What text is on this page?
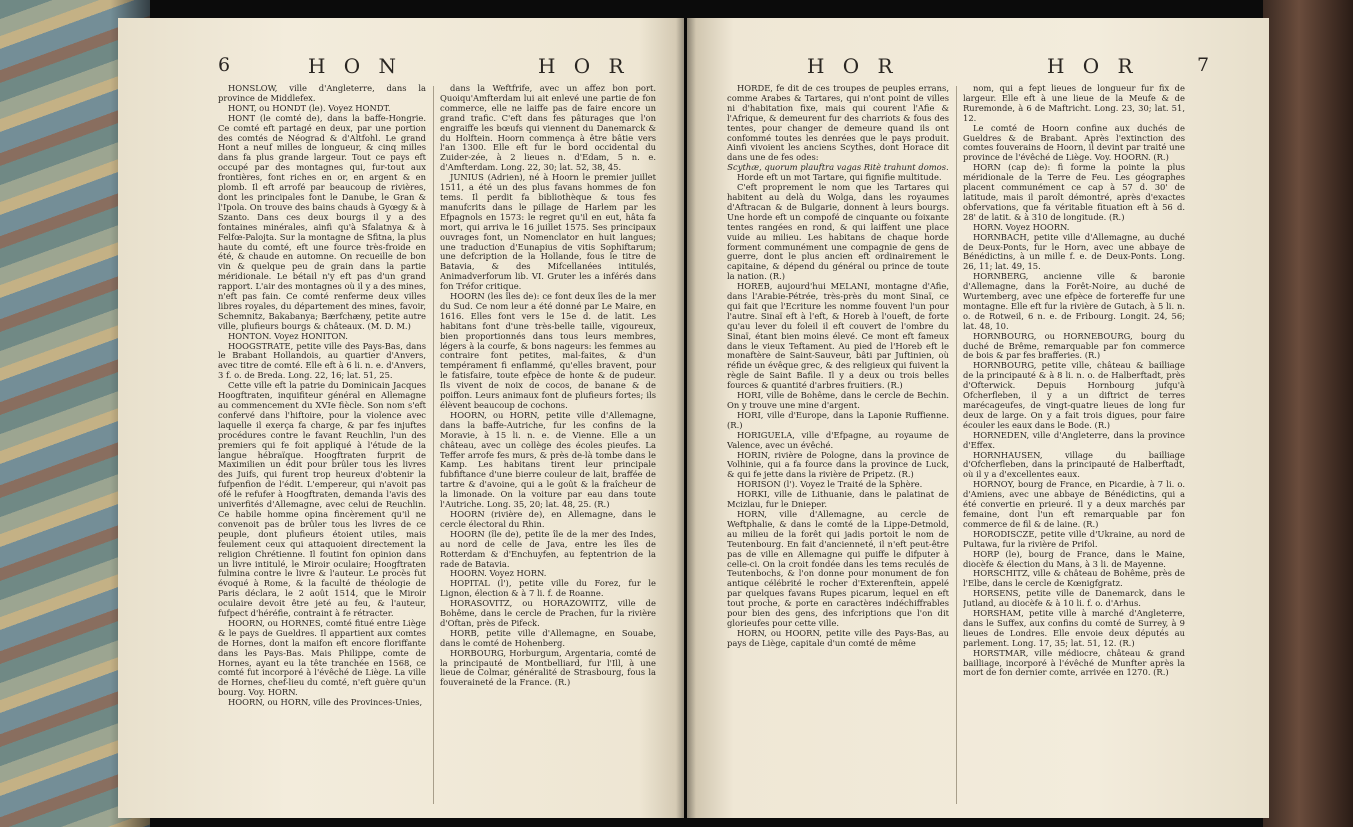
6	H O N	H O R

HONSLOW, ville d'Angleterre, dans la province de Middlefex.

HONT, ou HONDT (le). Voyez HONDT.

HONT (le comté de), dans la baffe-Hongrie. Ce comté eft partagé en deux, par une portion des comtés de Néograd & d'Altfohl. Le grand Hont a neuf milles de longueur, & cinq milles dans fa plus grande largeur. Tout ce pays eft occupé par des montagnes qui, fur-tout aux frontières, font riches en or, en argent & en plomb. Il eft arrofé par beaucoup de rivières, dont les principales font le Danube, le Gran & l'Ipola. On trouve des bains chauds à Gyœgy & à Szanto. Dans ces deux bourgs il y a des fontaines minérales, ainfi qu'à Sfalatnya & à Felfœ-Palojta. Sur la montagne de Sfitna, la plus haute du comté, eft une fource très-froide en été, & chaude en automne. On recueille de bon vin & quelque peu de grain dans la partie méridionale. Le bétail n'y eft pas d'un grand rapport. L'air des montagnes où il y a des mines, n'eft pas fain. Ce comté renferme deux villes libres royales, du département des mines, favoir, Schemnitz, Bakabanya; Bærfchæny, petite autre ville, plufieurs bourgs & châteaux. (M. D. M.)

HONTON. Voyez HONITON.

HOOGSTRATE, petite ville des Pays-Bas, dans le Brabant Hollandois, au quartier d'Anvers, avec titre de comté. Elle eft à 6 li. n. e. d'Anvers, 3 f. o. de Breda. Long. 22, 16; lat. 51, 25.

Cette ville eft la patrie du Dominicain Jacques Hoogftraten, inquifiteur général en Allemagne au commencement du XVIe fiècle. Son nom s'eft confervé dans l'hiftoire, pour la violence avec laquelle il exerça fa charge, & par fes injuftes procédures contre le favant Reuchlin, l'un des premiers qui fe foit appliqué à l'étude de la langue hébraïque. Hoogftraten furprit de Maximilien un édit pour brûler tous les livres des Juifs, qui furent trop heureux d'obtenir la fufpenfion de l'édit. L'empereur, qui n'avoit pas ofé le refufer à Hoogftraten, demanda l'avis des univerfités d'Allemagne, avec celui de Reuchlin. Ce habile homme opina fincèrement qu'il ne convenoit pas de brûler tous les livres de ce peuple, dont plufieurs étoient utiles, mais feulement ceux qui attaquoient directement la religion Chrétienne. Il foutint fon opinion dans un livre intitulé, le Miroir oculaire; Hoogftraten fulmina contre le livre & l'auteur. Le procès fut évoqué à Rome, & la faculté de théologie de Paris déclara, le 2 août 1514, que le Miroir oculaire devoit être jeté au feu, & l'auteur, fufpect d'héréfie, contraint à fe rétracter.

HOORN, ou HORNES, comté fitué entre Liège & le pays de Gueldres. Il appartient aux comtes de Hornes, dont la maifon eft encore floriffante dans les Pays-Bas. Mais Philippe, comte de Hornes, ayant eu la tête tranchée en 1568, ce comté fut incorporé à l'évêché de Liège. La ville de Hornes, chef-lieu du comté, n'eft guère qu'un bourg. Voy. HORN.

HOORN, ou HORN, ville des Provinces-Unies,

dans la Weftfrife, avec un affez bon port. Quoiqu'Amfterdam lui ait enlevé une partie de fon commerce, elle ne laiffe pas de faire encore un grand trafic. C'eft dans fes pâturages que l'on engraiffe les bœufs qui viennent du Danemarck & du Holftein. Hoorn commença à être bâtie vers l'an 1300. Elle eft fur le bord occidental du Zuider-zée, à 2 lieues n. d'Edam, 5 n. e. d'Amfterdam. Long. 22, 30; lat. 52, 38, 45.

JUNIUS (Adrien), né à Hoorn le premier juillet 1511, a été un des plus favans hommes de fon tems. Il perdit fa bibliothèque & tous fes manufcrits dans le pillage de Harlem par les Efpagnols en 1573: le regret qu'il en eut, hâta fa mort, qui arriva le 16 juillet 1575. Ses principaux ouvrages font, un Nomenclator en huit langues; une traduction d'Eunapius de vitis Sophiftarum; une defcription de la Hollande, fous le titre de Batavia, & des Mifcellanées intitulés, Animadverforum lib. VI. Gruter les a inférés dans fon Tréfor critique.

HOORN (les îles de): ce font deux îles de la mer du Sud. Ce nom leur a été donné par Le Maire, en 1616. Elles font vers le 15e d. de latit. Les habitans font d'une très-belle taille, vigoureux, bien proportionnés dans tous leurs membres, légers à la courfe, & bons nageurs: les femmes au contraire font petites, mal-faites, & d'un tempérament fi enflammé, qu'elles bravent, pour le fatisfaire, toute efpèce de honte & de pudeur. Ils vivent de noix de cocos, de banane & de poiffon. Leurs animaux font de plufieurs fortes; ils élèvent beaucoup de cochons.

HOORN, ou HORN, petite ville d'Allemagne, dans la baffe-Autriche, fur les confins de la Moravie, à 15 li. n. e. de Vienne. Elle a un château, avec un collège des écoles pieufes. La Teffer arrofe fes murs, & près de-là tombe dans le Kamp. Les habitans tirent leur principale fubfiftance d'une bierre couleur de lait, braffée de tartre & d'avoine, qui a le goût & la fraîcheur de la limonade. On la voiture par eau dans toute l'Autriche. Long. 35, 20; lat. 48, 25. (R.)

HOORN (rivière de), en Allemagne, dans le cercle électoral du Rhin.

HOORN (île de), petite île de la mer des Indes, au nord de celle de Java, entre les îles de Rotterdam & d'Enchuyfen, au feptentrion de la rade de Batavia.

HOORN. Voyez HORN.

HOPITAL (l'), petite ville du Forez, fur le Lignon, élection & à 7 li. f. de Roanne.

HORASOVITZ, ou HORAZOWITZ, ville de Bohême, dans le cercle de Prachen, fur la rivière d'Oftan, près de Pifeck.

HORB, petite ville d'Allemagne, en Souabe, dans le comté de Hohenberg.

HORBOURG, Horburgum, Argentaria, comté de la principauté de Montbelliard, fur l'Ill, à une lieue de Colmar, généralité de Strasbourg, fous la fouveraineté de la France. (R.)

H O R	H O R	7

HORDE, fe dit de ces troupes de peuples errans, comme Arabes & Tartares, qui n'ont point de villes ni d'habitation fixe, mais qui courent l'Afie & l'Afrique, & demeurent fur des charriots & fous des tentes, pour changer de demeure quand ils ont confommé toutes les denrées que le pays produit. Ainfi vivoient les anciens Scythes, dont Horace dit dans une de fes odes:

Scythæ, quorum plauftra vagas Ritè trahunt domos.

Horde eft un mot Tartare, qui fignifie multitude.

C'eft proprement le nom que les Tartares qui habitent au delà du Wolga, dans les royaumes d'Aftracan & de Bulgarie, donnent à leurs bourgs. Une horde eft un compofé de cinquante ou foixante tentes rangées en rond, & qui laiffent une place vuide au milieu. Les habitans de chaque horde forment communément une compagnie de gens de guerre, dont le plus ancien eft ordinairement le capitaine, & dépend du général ou prince de toute la nation. (R.)

HOREB, aujourd'hui MELANI, montagne d'Afie, dans l'Arabie-Pétrée, très-près du mont Sinaï, ce qui fait que l'Ecriture les nomme fouvent l'un pour l'autre. Sinaï eft à l'eft, & Horeb à l'oueft, de forte qu'au lever du foleil il eft couvert de l'ombre du Sinaï, étant bien moins élevé. Ce mont eft fameux dans le vieux Teftament. Au pied de l'Horeb eft le monaftère de Saint-Sauveur, bâti par Juftinien, où réfide un évêque grec, & des religieux qui fuivent la règle de Saint Bafile. Il y a deux ou trois belles fources & quantité d'arbres fruitiers. (R.)

HORI, ville de Bohême, dans le cercle de Bechin. On y trouve une mine d'argent.

HORI, ville d'Europe, dans la Laponie Ruffienne. (R.)

HORIGUELA, ville d'Efpagne, au royaume de Valence, avec un évêché.

HORIN, rivière de Pologne, dans la province de Volhinie, qui a fa fource dans la province de Luck, & qui fe jette dans la rivière de Pripetz. (R.)

HORISON (l'). Voyez le Traité de la Sphère.

HORKI, ville de Lithuanie, dans le palatinat de Mcizlau, fur le Dnieper.

HORN, ville d'Allemagne, au cercle de Weftphalie, & dans le comté de la Lippe-Detmold, au milieu de la forêt qui jadis portoit le nom de Teutenbourg. En fait d'ancienneté, il n'eft peut-être pas de ville en Allemagne qui puiffe le difputer à celle-ci. On la croit fondée dans les tems reculés de Teutenbochs, & l'on donne pour monument de fon antique célébrité le rocher d'Exterenftein, appelé par quelques favans Rupes picarum, lequel en eft tout proche, & porte en caractères indéchiffrables pour bien des gens, des infcriptions que l'on dit glorieufes pour cette ville.

HORN, ou HOORN, petite ville des Pays-Bas, au pays de Liège, capitale d'un comté de même

nom, qui a fept lieues de longueur fur fix de largeur. Elle eft à une lieue de la Meufe & de Ruremonde, à 6 de Maftricht. Long. 23, 30; lat. 51, 12.

Le comté de Hoorn confine aux duchés de Gueldres & de Brabant. Après l'extinction des comtes fouverains de Hoorn, il devint par traité une province de l'évêché de Liège. Voy. HOORN. (R.)

HORN (cap de): fi forme la pointe la plus méridionale de la Terre de Feu. Les géographes placent communément ce cap à 57 d. 30' de latitude, mais il paroît démontré, après d'exactes obfervations, que fa véritable fituation eft à 56 d. 28' de latit. & à 310 de longitude. (R.)

HORN. Voyez HOORN.

HORNBACH, petite ville d'Allemagne, au duché de Deux-Ponts, fur le Horn, avec une abbaye de Bénédictins, à un mille f. e. de Deux-Ponts. Long. 26, 11; lat. 49, 15.

HORNBERG, ancienne ville & baronie d'Allemagne, dans la Forêt-Noire, au duché de Wurtemberg, avec une efpèce de fortereffe fur une montagne. Elle eft fur la rivière de Gutach, à 5 li. n. o. de Rotweil, 6 n. e. de Fribourg. Longit. 24, 56; lat. 48, 10.

HORNBOURG, ou HORNEBOURG, bourg du duché de Brême, remarquable par fon commerce de bois & par fes brafferies. (R.)

HORNBOURG, petite ville, château & bailliage de la principauté & à 8 li. n. o. de Halberftadt, près d'Ofterwick. Depuis Hornbourg jufqu'à Ofcherfleben, il y a un diftrict de terres marécageufes, de vingt-quatre lieues de long fur deux de large. On y a fait trois digues, pour faire écouler les eaux dans le Bode. (R.)

HORNEDEN, ville d'Angleterre, dans la province d'Effex.

HORNHAUSEN, village du bailliage d'Ofcherfleben, dans la principauté de Halberftadt, où il y a d'excellentes eaux.

HORNOY, bourg de France, en Picardie, à 7 li. o. d'Amiens, avec une abbaye de Bénédictins, qui a été convertie en prieuré. Il y a deux marchés par femaine, dont l'un eft remarquable par fon commerce de fil & de laine. (R.)

HORODISCZE, petite ville d'Ukraine, au nord de Pultawa, fur la rivière de Prifol.

HORP (le), bourg de France, dans le Maine, diocèfe & élection du Mans, à 3 li. de Mayenne.

HORSCHITZ, ville & château de Bohême, près de l'Elbe, dans le cercle de Kœnigfgratz.

HORSENS, petite ville de Danemarck, dans le Jutland, au diocèfe & à 10 li. f. o. d'Arhus.

HORSHAM, petite ville à marché d'Angleterre, dans le Suffex, aux confins du comté de Surrey, à 9 lieues de Londres. Elle envoie deux députés au parlement. Long. 17, 35; lat. 51, 12. (R.)

HORSTMAR, ville médiocre, château & grand bailliage, incorporé à l'évêché de Munfter après la mort de fon dernier comte, arrivée en 1270. (R.)
